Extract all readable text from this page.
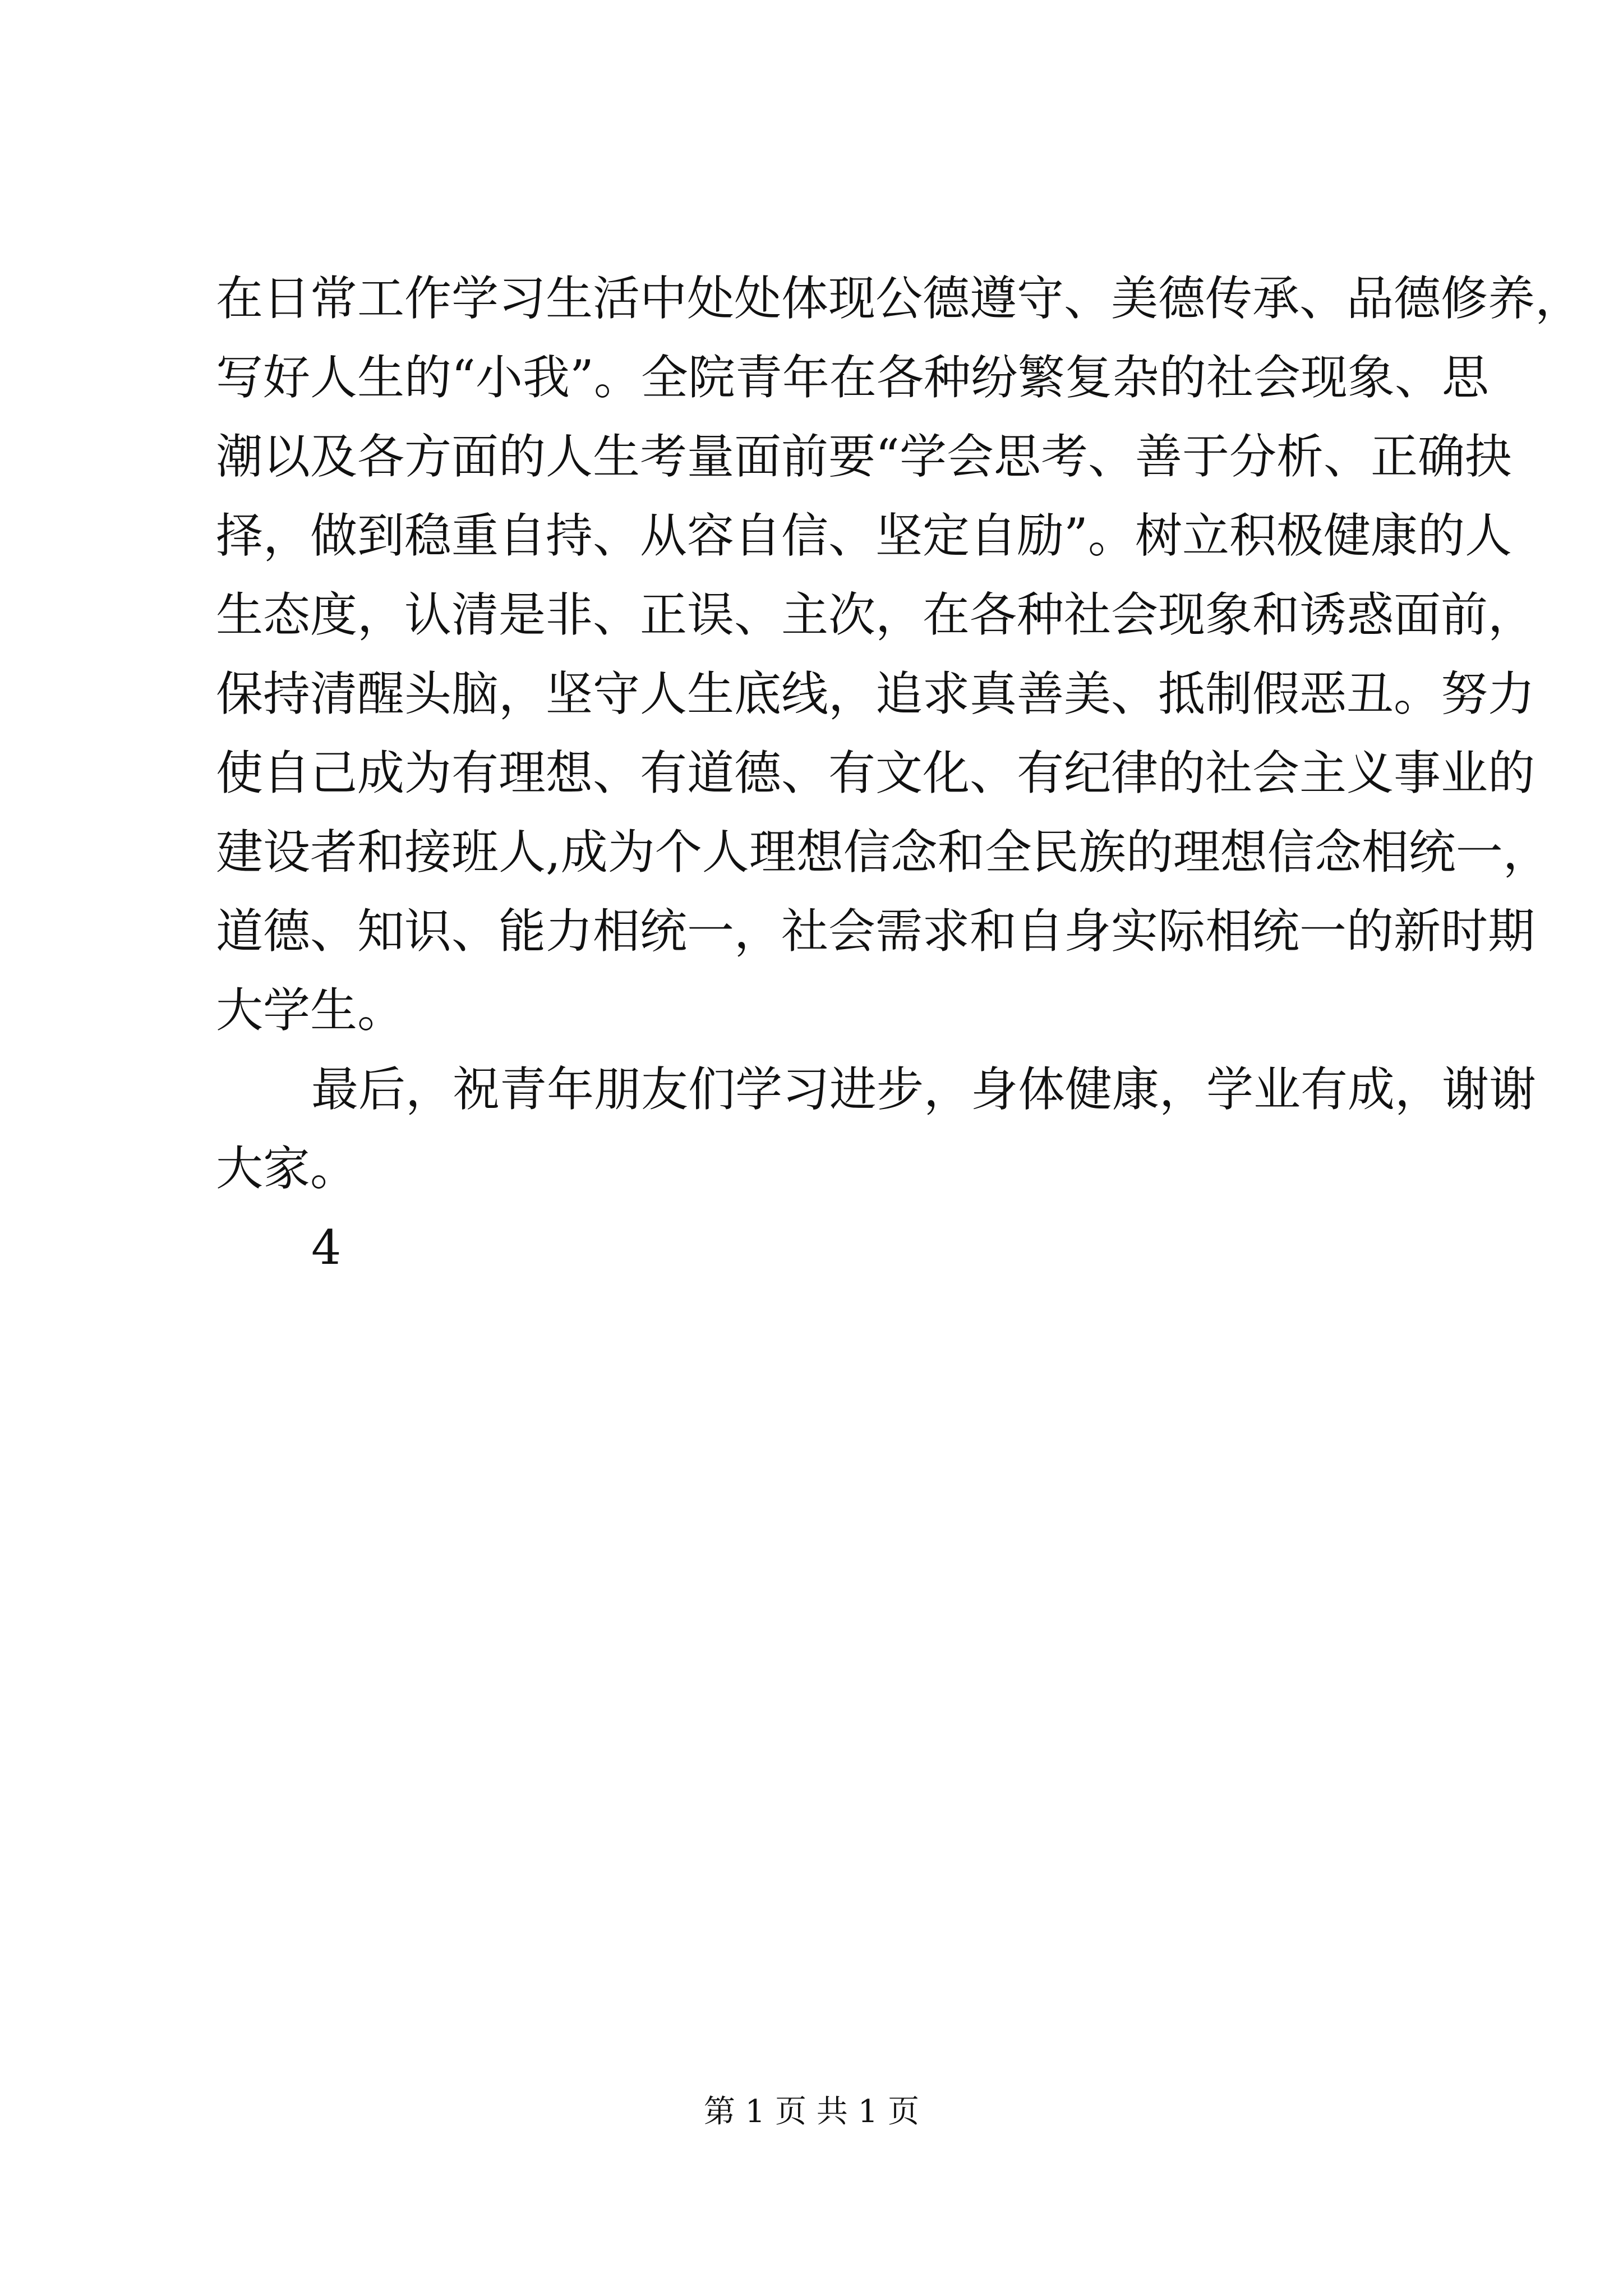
在日常工作学习生活中处处体现公德遵守、美德传承、品德修养，
写好人生的“小我”。全院青年在各种纷繁复杂的社会现象、思
潮以及各方面的人生考量面前要“学会思考、善于分析、正确抉
择，做到稳重自持、从容自信、坚定自励”。树立积极健康的人
生态度，认清是非、正误、主次，在各种社会现象和诱惑面前，
保持清醒头脑，坚守人生底线，追求真善美、抵制假恶丑。努力
使自己成为有理想、有道德、有文化、有纪律的社会主义事业的
建设者和接班人,成为个人理想信念和全民族的理想信念相统一，
道德、知识、能力相统一，社会需求和自身实际相统一的新时期
大学生。
最后，祝青年朋友们学习进步，身体健康，学业有成，谢谢
大家。
4
第 1 页 共 1 页
